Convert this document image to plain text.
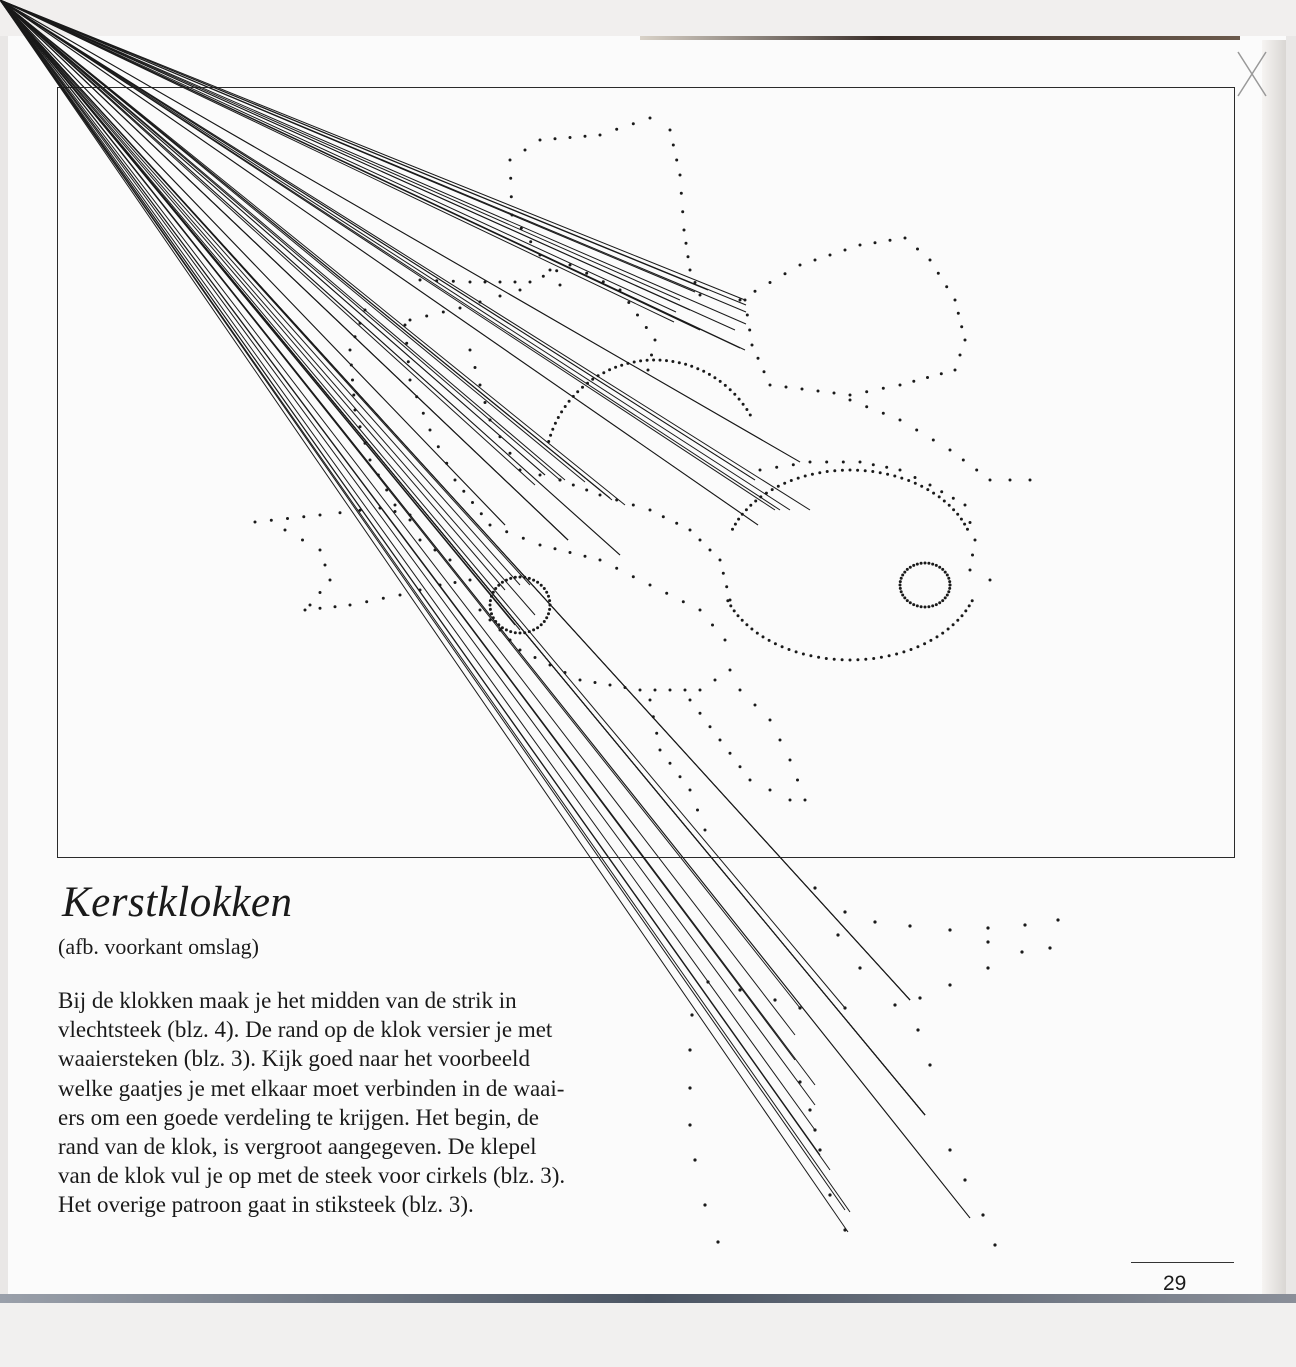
Kerstklokken
(afb. voorkant omslag)
Bij de klokken maak je het midden van de strik in
vlechtsteek (blz. 4). De rand op de klok versier je met
waaiersteken (blz. 3). Kijk goed naar het voorbeeld
welke gaatjes je met elkaar moet verbinden in de waai-
ers om een goede verdeling te krijgen. Het begin, de
rand van de klok, is vergroot aangegeven. De klepel
van de klok vul je op met de steek voor cirkels (blz. 3).
Het overige patroon gaat in stiksteek (blz. 3).
29
